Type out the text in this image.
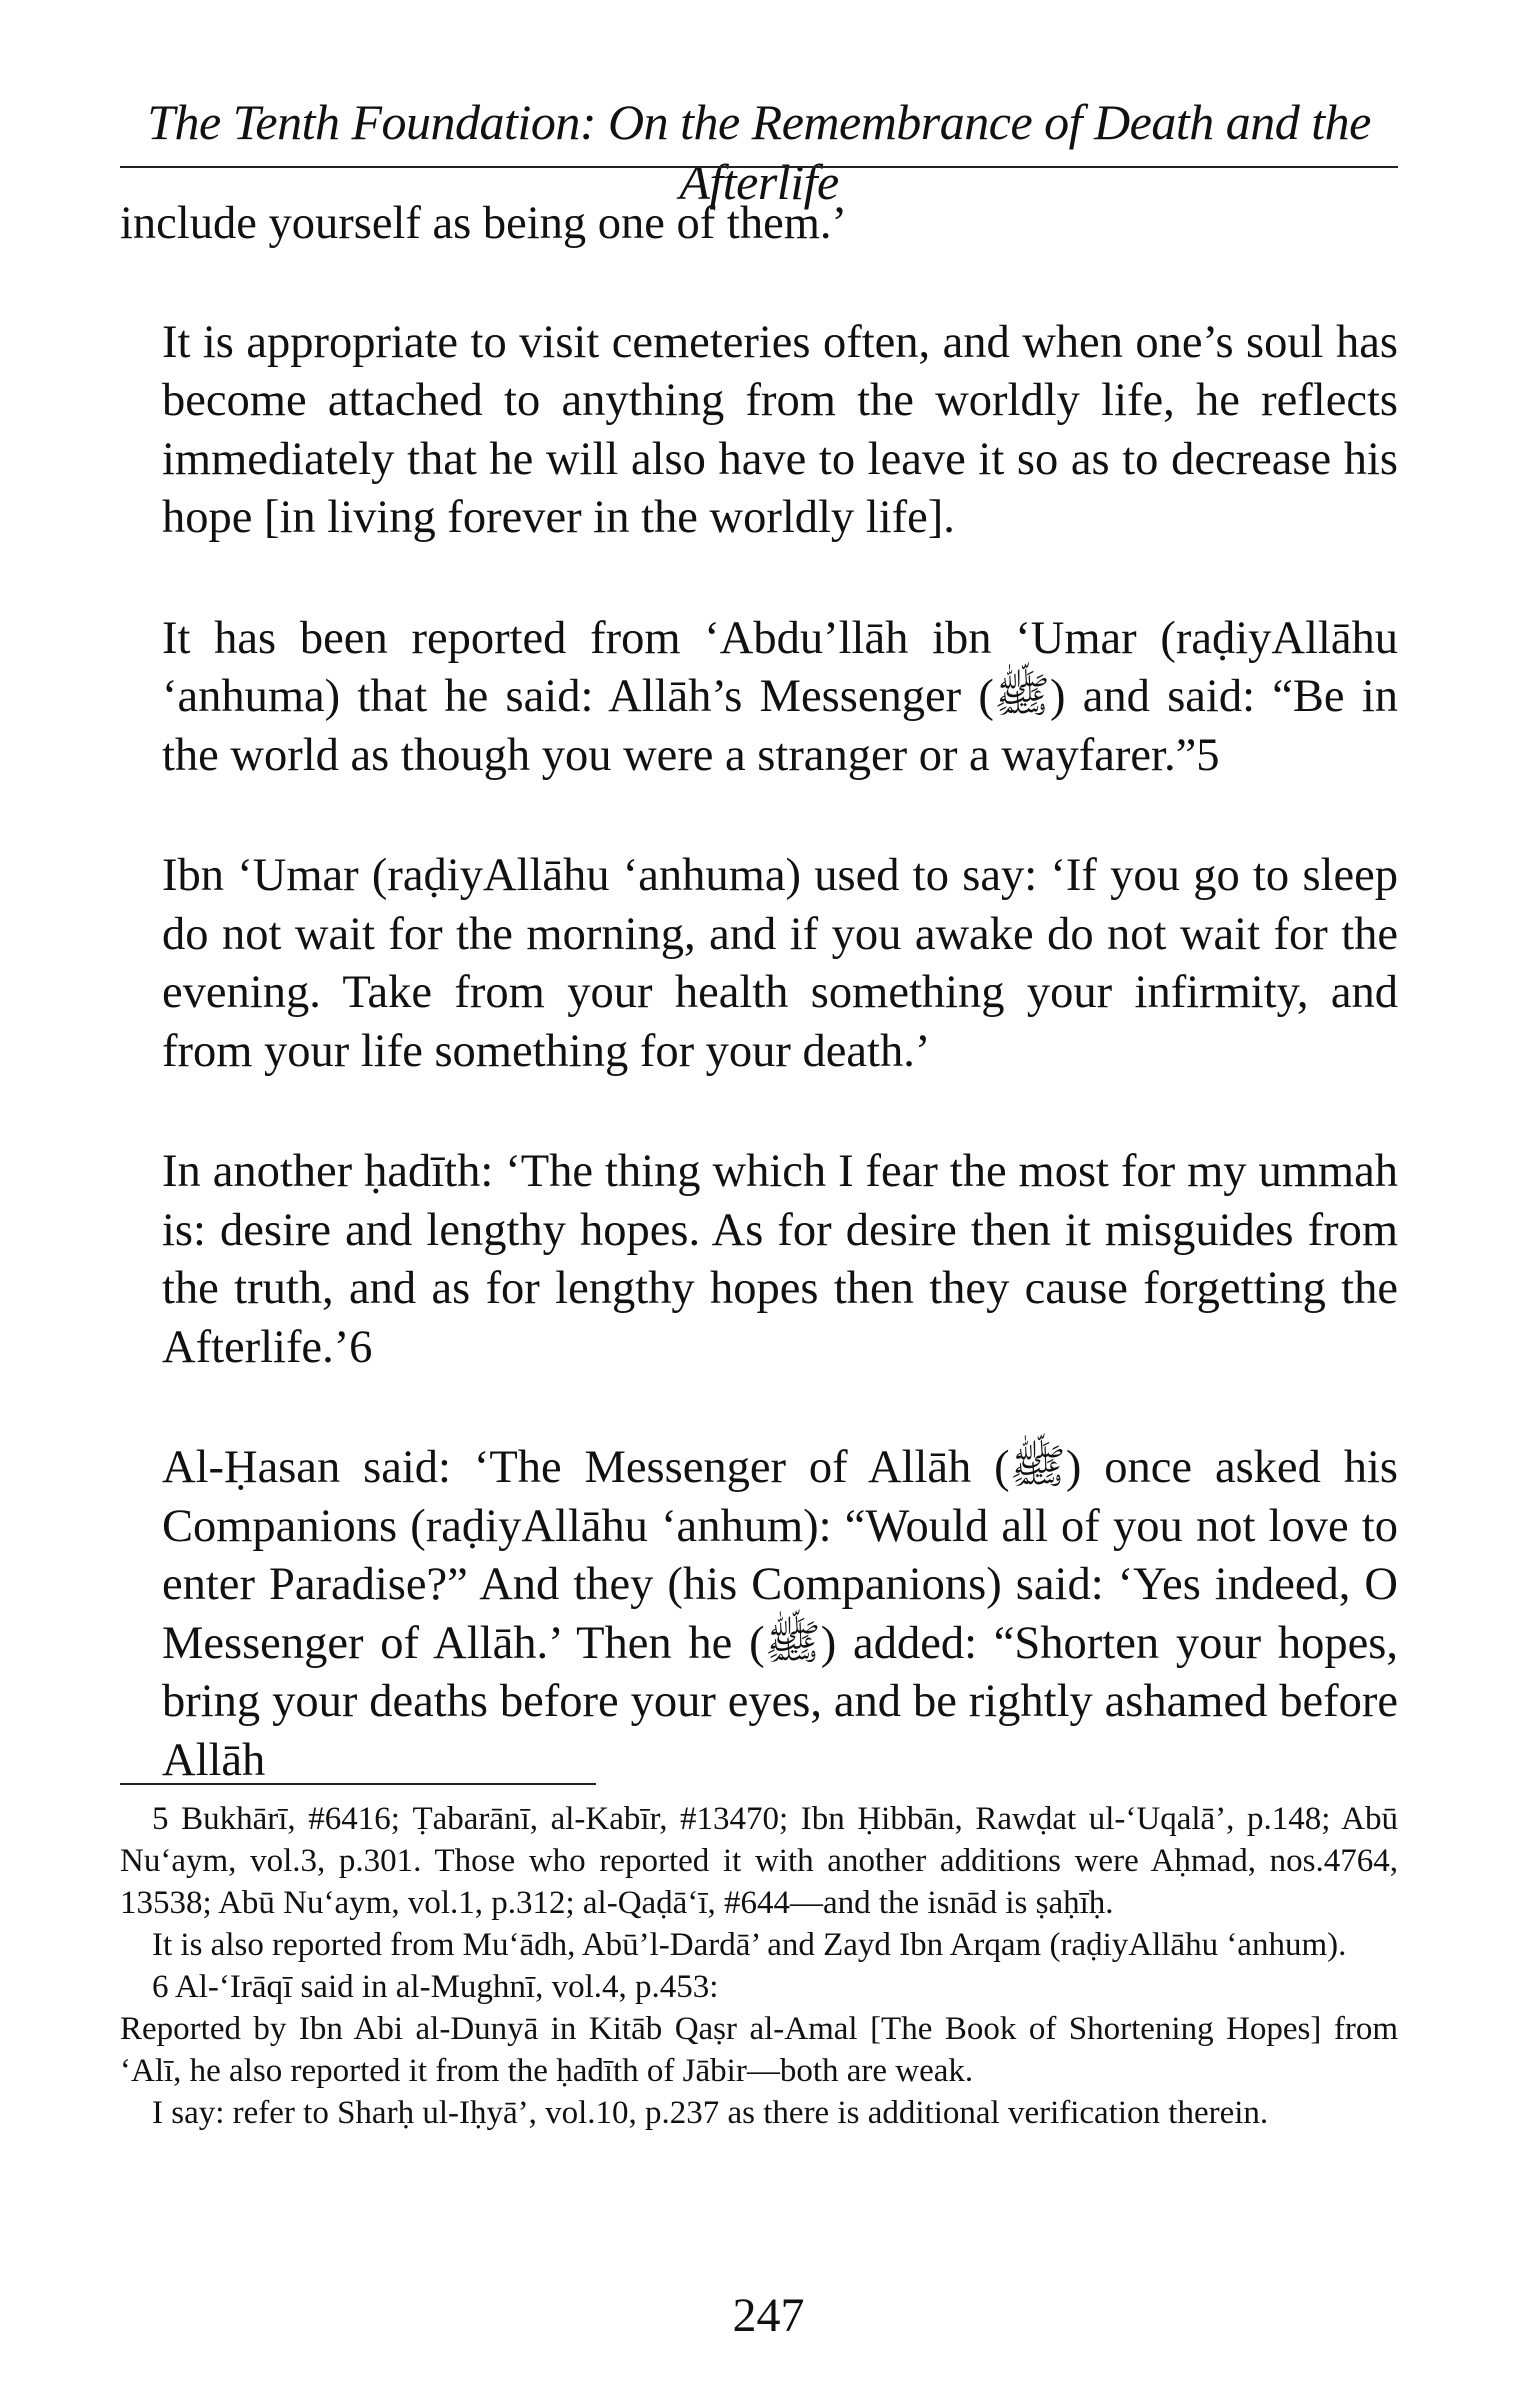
The Tenth Foundation: On the Remembrance of Death and the Afterlife

include yourself as being one of them.’

It is appropriate to visit cemeteries often, and when one’s soul has become attached to anything from the worldly life, he reflects immediately that he will also have to leave it so as to decrease his hope [in living forever in the worldly life].

It has been reported from ‘Abdu’llāh ibn ‘Umar (raḍiyAllāhu ‘anhuma) that he said: Allāh’s Messenger (ﷺ) and said: “Be in the world as though you were a stranger or a wayfarer.”5

Ibn ‘Umar (raḍiyAllāhu ‘anhuma) used to say: ‘If you go to sleep do not wait for the morning, and if you awake do not wait for the evening. Take from your health something your infirmity, and from your life something for your death.’

In another ḥadīth: ‘The thing which I fear the most for my ummah is: desire and lengthy hopes. As for desire then it misguides from the truth, and as for lengthy hopes then they cause forgetting the Afterlife.’6

Al-Ḥasan said: ‘The Messenger of Allāh (ﷺ) once asked his Companions (raḍiyAllāhu ‘anhum): “Would all of you not love to enter Paradise?” And they (his Companions) said: ‘Yes indeed, O Messenger of Allāh.’ Then he (ﷺ) added: “Shorten your hopes, bring your deaths before your eyes, and be rightly ashamed before Allāh

5 Bukhārī, #6416; Ṭabarānī, al-Kabīr, #13470; Ibn Ḥibbān, Rawḍat ul-‘Uqalā’, p.148; Abū Nu‘aym, vol.3, p.301. Those who reported it with another additions were Aḥmad, nos.4764, 13538; Abū Nu‘aym, vol.1, p.312; al-Qaḍā‘ī, #644—and the isnād is ṣaḥīḥ.

It is also reported from Mu‘ādh, Abū’l-Dardā’ and Zayd Ibn Arqam (raḍiyAllāhu ‘anhum).

6 Al-‘Irāqī said in al-Mughnī, vol.4, p.453:

Reported by Ibn Abi al-Dunyā in Kitāb Qaṣr al-Amal [The Book of Shortening Hopes] from ‘Alī, he also reported it from the ḥadīth of Jābir—both are weak.

I say: refer to Sharḥ ul-Iḥyā’, vol.10, p.237 as there is additional verification therein.

247
